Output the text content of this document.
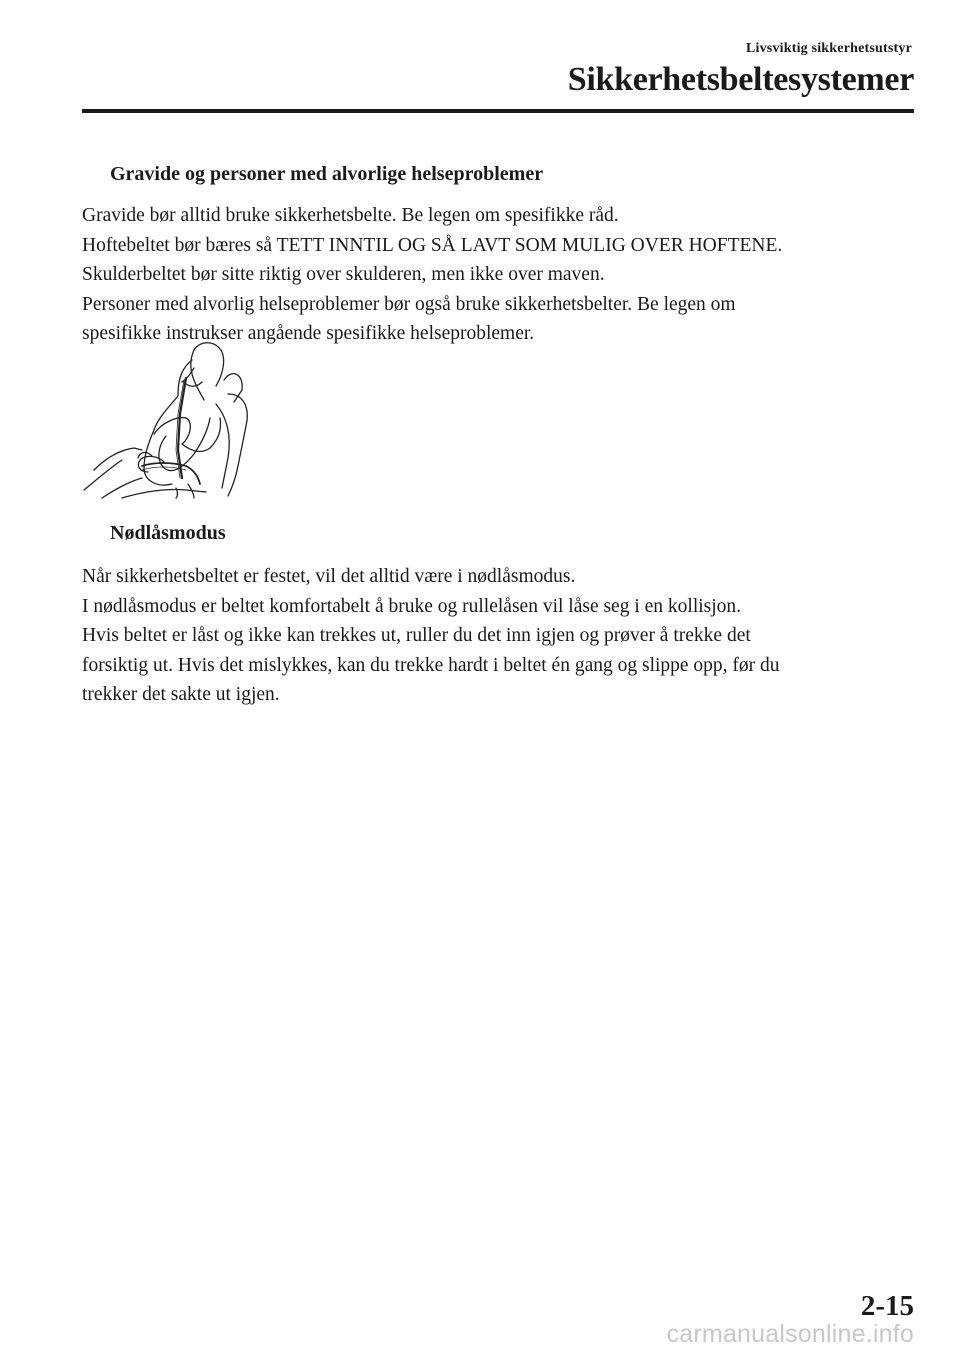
Livsviktig sikkerhetsutstyr
Sikkerhetsbeltesystemer
Gravide og personer med alvorlige helseproblemer
Gravide bør alltid bruke sikkerhetsbelte. Be legen om spesifikke råd.
Hoftebeltet bør bæres så TETT INNTIL OG SÅ LAVT SOM MULIG OVER HOFTENE.
Skulderbeltet bør sitte riktig over skulderen, men ikke over maven.
Personer med alvorlig helseproblemer bør også bruke sikkerhetsbelter. Be legen om
spesifikke instrukser angående spesifikke helseproblemer.
Nødlåsmodus
Når sikkerhetsbeltet er festet, vil det alltid være i nødlåsmodus.
I nødlåsmodus er beltet komfortabelt å bruke og rullelåsen vil låse seg i en kollisjon.
Hvis beltet er låst og ikke kan trekkes ut, ruller du det inn igjen og prøver å trekke det
forsiktig ut. Hvis det mislykkes, kan du trekke hardt i beltet én gang og slippe opp, før du
trekker det sakte ut igjen.
2-15
carmanualsonline.info
